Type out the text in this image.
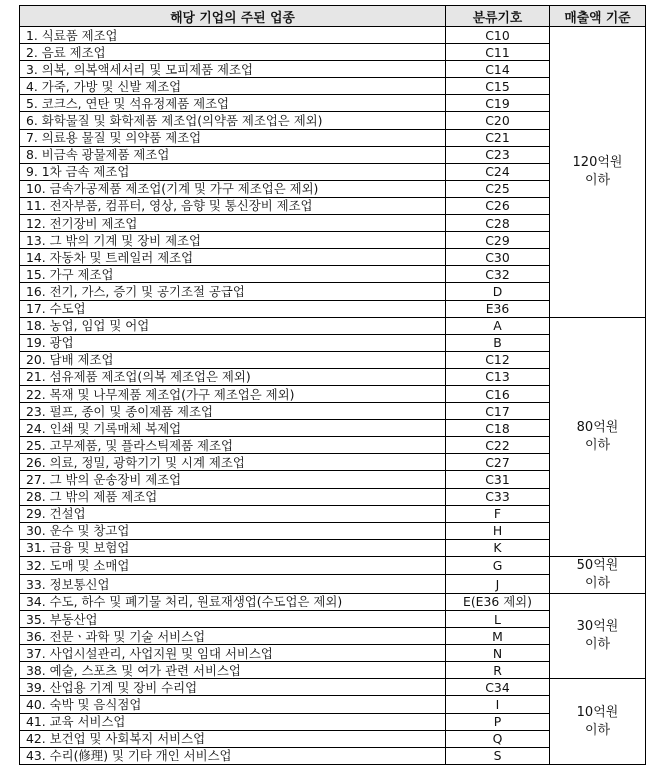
해당 기업의 주된 업종	분류기호	매출액 기준
1. 식료품 제조업	C10	120억원
이하

2. 음료 제조업	C11	
3. 의복, 의복액세서리 및 모피제품 제조업	C14	
4. 가죽, 가방 및 신발 제조업	C15	
5. 코크스, 연탄 및 석유정제품 제조업	C19	
6. 화학물질 및 화학제품 제조업(의약품 제조업은 제외)	C20	
7. 의료용 물질 및 의약품 제조업	C21	
8. 비금속 광물제품 제조업	C23	
9. 1차 금속 제조업	C24	
10. 금속가공제품 제조업(기계 및 가구 제조업은 제외)	C25	
11. 전자부품, 컴퓨터, 영상, 음향 및 통신장비 제조업	C26	
12. 전기장비 제조업	C28	
13. 그 밖의 기계 및 장비 제조업	C29	
14. 자동차 및 트레일러 제조업	C30	
15. 가구 제조업	C32	
16. 전기, 가스, 증기 및 공기조절 공급업	D	
17. 수도업	E36	
18. 농업, 임업 및 어업	A	80억원
이하

19. 광업	B	
20. 담배 제조업	C12	
21. 섬유제품 제조업(의복 제조업은 제외)	C13	
22. 목재 및 나무제품 제조업(가구 제조업은 제외)	C16	
23. 펄프, 종이 및 종이제품 제조업	C17	
24. 인쇄 및 기록매체 복제업	C18	
25. 고무제품, 및 플라스틱제품 제조업	C22	
26. 의료, 정밀, 광학기기 및 시계 제조업	C27	
27. 그 밖의 운송장비 제조업	C31	
28. 그 밖의 제품 제조업	C33	
29. 건설업	F	
30. 운수 및 창고업	H	
31. 금융 및 보험업	K	
32. 도매 및 소매업	G	50억원
이하

33. 정보통신업	J	
34. 수도, 하수 및 폐기물 처리, 원료재생업(수도업은 제외)	E(E36 제외)	30억원
이하

35. 부동산업	L	
36. 전문ㆍ과학 및 기술 서비스업	M	
37. 사업시설관리, 사업지원 및 임대 서비스업	N	
38. 예술, 스포츠 및 여가 관련 서비스업	R	
39. 산업용 기계 및 장비 수리업	C34	10억원
이하

40. 숙박 및 음식점업	I	
41. 교육 서비스업	P	
42. 보건업 및 사회복지 서비스업	Q	
43. 수리(修理) 및 기타 개인 서비스업	S	
